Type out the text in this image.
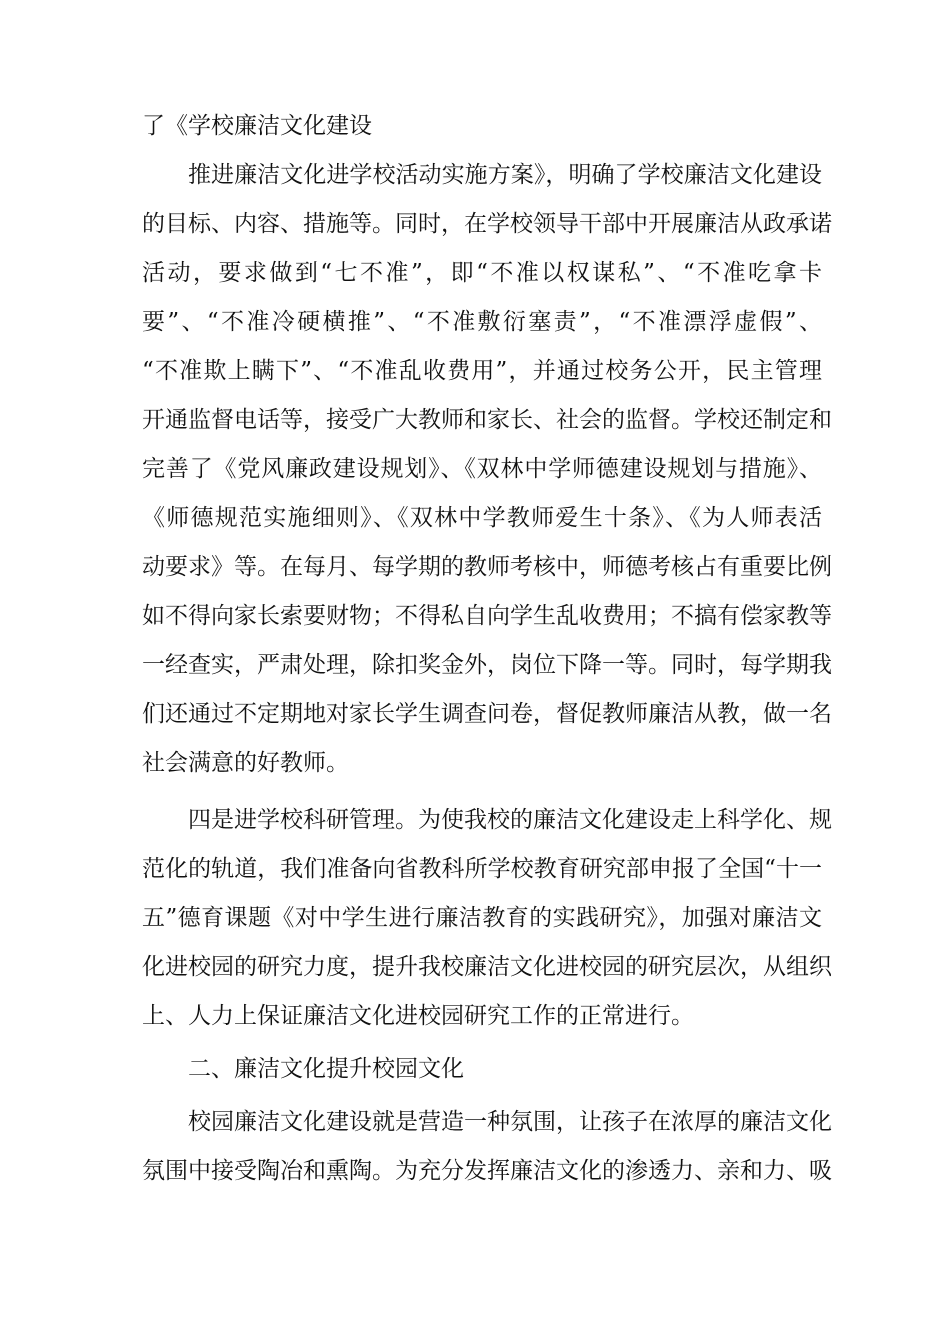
了《学校廉洁文化建设
推进廉洁文化进学校活动实施方案》，明确了学校廉洁文化建设
的目标、内容、措施等。同时，在学校领导干部中开展廉洁从政承诺
活动，要求做到“七不准”，即“不准以权谋私”、“不准吃拿卡
要”、“不准冷硬横推”、“不准敷衍塞责”，“不准漂浮虚假”、
“不准欺上瞒下”、“不准乱收费用”，并通过校务公开，民主管理
开通监督电话等，接受广大教师和家长、社会的监督。学校还制定和
完善了《党风廉政建设规划》、《双林中学师德建设规划与措施》、
《师德规范实施细则》、《双林中学教师爱生十条》、《为人师表活
动要求》等。在每月、每学期的教师考核中，师德考核占有重要比例
如不得向家长索要财物；不得私自向学生乱收费用；不搞有偿家教等
一经查实，严肃处理，除扣奖金外，岗位下降一等。同时，每学期我
们还通过不定期地对家长学生调查问卷，督促教师廉洁从教，做一名
社会满意的好教师。
四是进学校科研管理。为使我校的廉洁文化建设走上科学化、规
范化的轨道，我们准备向省教科所学校教育研究部申报了全国“十一
五”德育课题《对中学生进行廉洁教育的实践研究》，加强对廉洁文
化进校园的研究力度，提升我校廉洁文化进校园的研究层次，从组织
上、人力上保证廉洁文化进校园研究工作的正常进行。
二、廉洁文化提升校园文化
校园廉洁文化建设就是营造一种氛围，让孩子在浓厚的廉洁文化
氛围中接受陶冶和熏陶。为充分发挥廉洁文化的渗透力、亲和力、吸
